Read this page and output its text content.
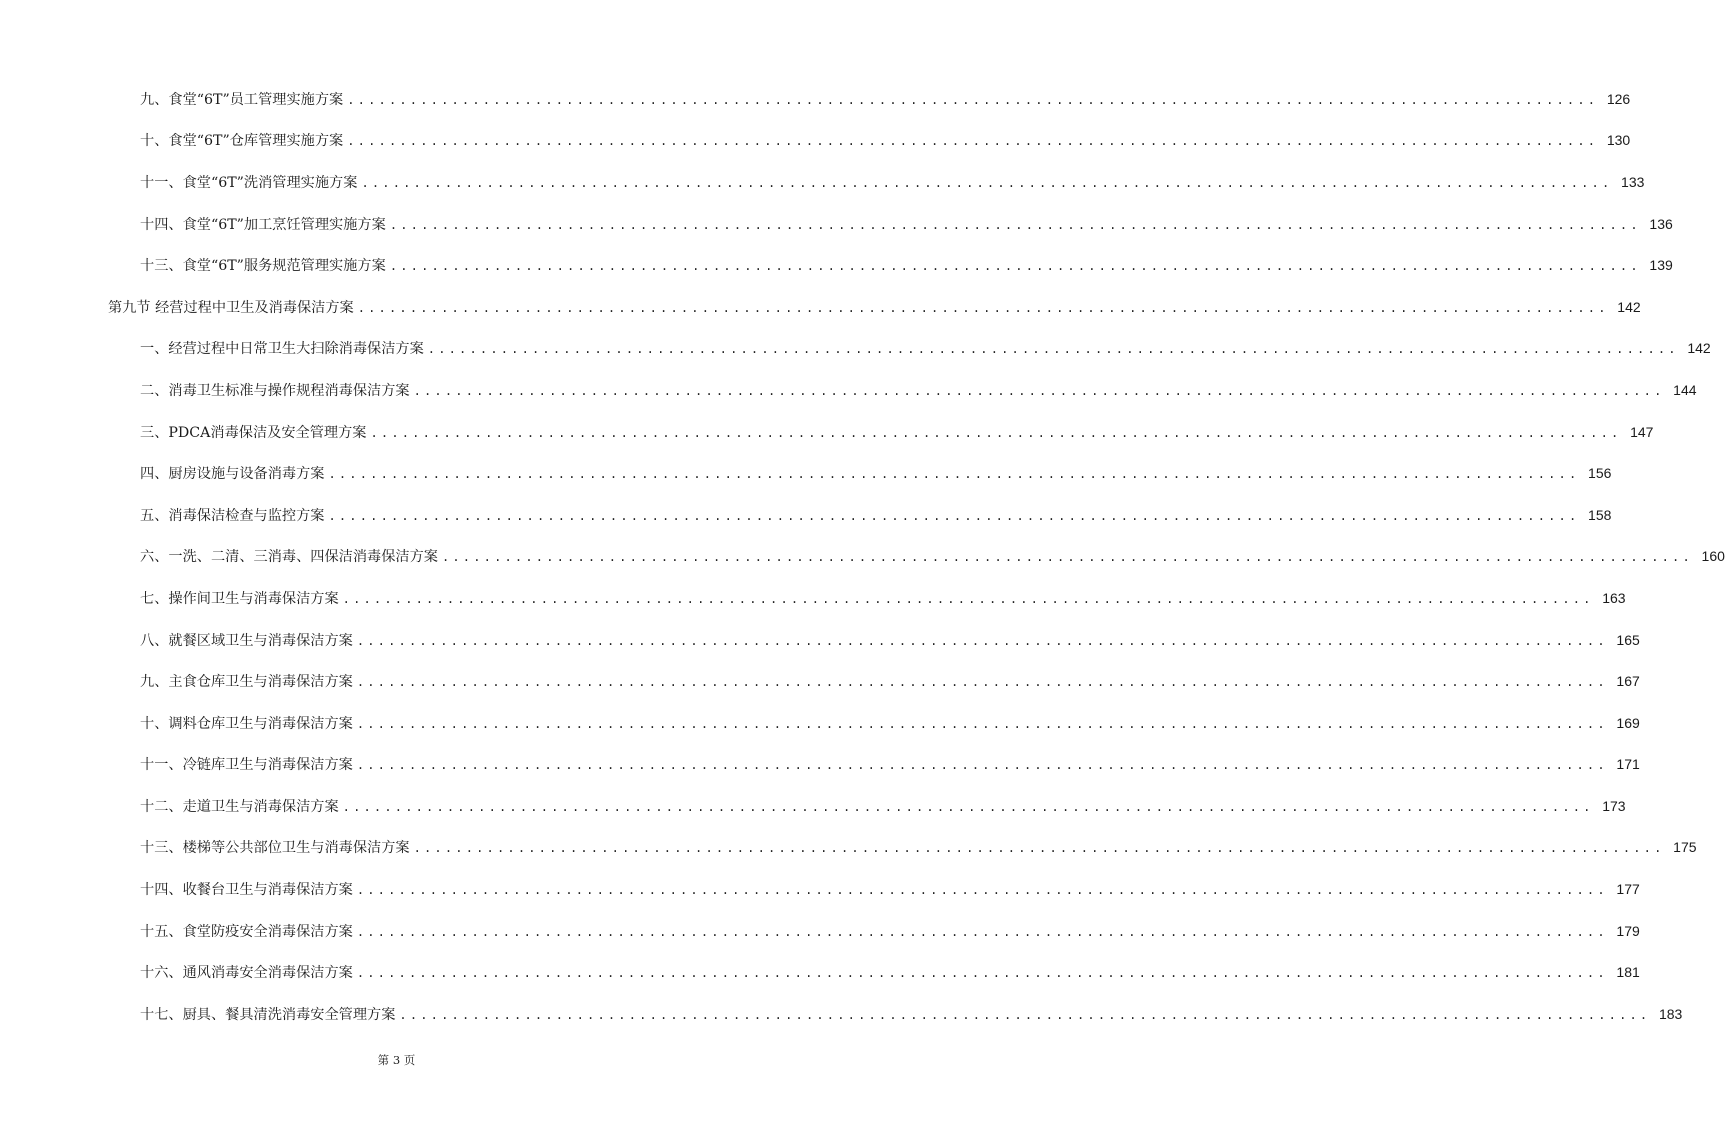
九、食堂“6T”员工管理实施方案 ........................................................................................................................ 126
十、食堂“6T”仓库管理实施方案 ........................................................................................................................ 130
十一、食堂“6T”洗消管理实施方案 ........................................................................................................................ 133
十四、食堂“6T”加工烹饪管理实施方案 ........................................................................................................................ 136
十三、食堂“6T”服务规范管理实施方案 ........................................................................................................................ 139
第九节 经营过程中卫生及消毒保洁方案 ........................................................................................................................ 142
一、经营过程中日常卫生大扫除消毒保洁方案 ........................................................................................................................ 142
二、消毒卫生标准与操作规程消毒保洁方案 ........................................................................................................................ 144
三、PDCA消毒保洁及安全管理方案 ........................................................................................................................ 147
四、厨房设施与设备消毒方案 ........................................................................................................................ 156
五、消毒保洁检查与监控方案 ........................................................................................................................ 158
六、一洗、二清、三消毒、四保洁消毒保洁方案 ........................................................................................................................ 160
七、操作间卫生与消毒保洁方案 ........................................................................................................................ 163
八、就餐区域卫生与消毒保洁方案 ........................................................................................................................ 165
九、主食仓库卫生与消毒保洁方案 ........................................................................................................................ 167
十、调料仓库卫生与消毒保洁方案 ........................................................................................................................ 169
十一、冷链库卫生与消毒保洁方案 ........................................................................................................................ 171
十二、走道卫生与消毒保洁方案 ........................................................................................................................ 173
十三、楼梯等公共部位卫生与消毒保洁方案 ........................................................................................................................ 175
十四、收餐台卫生与消毒保洁方案 ........................................................................................................................ 177
十五、食堂防疫安全消毒保洁方案 ........................................................................................................................ 179
十六、通风消毒安全消毒保洁方案 ........................................................................................................................ 181
十七、厨具、餐具清洗消毒安全管理方案 ........................................................................................................................ 183
第 3 页
